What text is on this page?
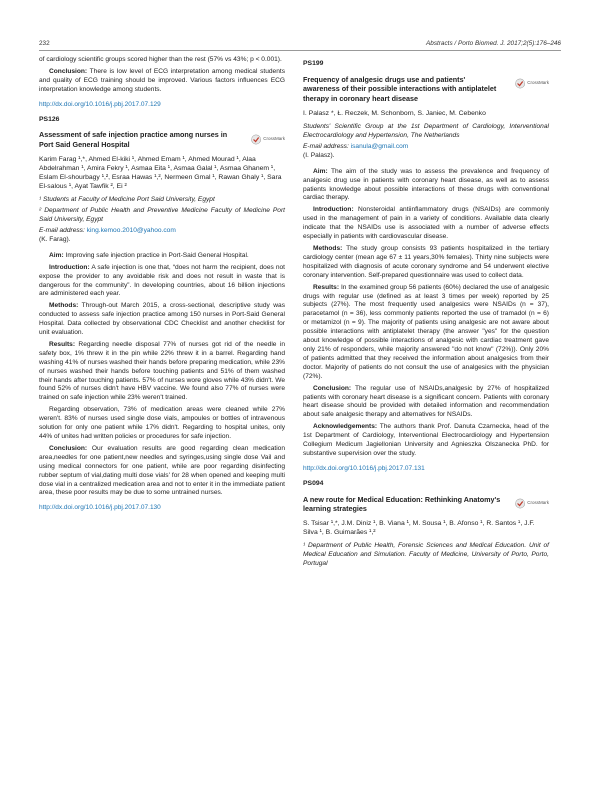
232	Abstracts / Porto Biomed. J. 2017;2(5):176–246

of cardiology scientific groups scored higher than the rest (57% vs 43%; p < 0.001).

Conclusion: There is low level of ECG interpretation among medical students and quality of ECG training should be improved. Various factors influences ECG interpretation knowledge among students.

http://dx.doi.org/10.1016/j.pbj.2017.07.129
PS126
Assessment of safe injection practice among nurses in Port Said General Hospital
CrossMark
Karim Farag ¹,*, Ahmed El-kiki ¹, Ahmed Emam ¹, Ahmed Mourad ¹, Alaa Abdelrahman ¹, Amira Fekry ¹, Asmaa Eita ¹, Asmaa Galal ¹, Asmaa Ghanem ¹, Eslam El-shourbagy ¹,², Esraa Hawas ¹,², Nermeen Gmal ¹, Rawan Ghaly ¹, Sara El-salous ¹, Ayat Tawfik ², Ei ²

¹ Students at Faculty of Medicine Port Said University, Egypt

² Department of Public Health and Preventive Medicine Faculty of Medicine Port Said University, Egypt

E-mail address: king.kemoo.2010@yahoo.com
(K. Farag).

Aim: Improving safe injection practice in Port-Said General Hospital.

Introduction: A safe injection is one that, “does not harm the recipient, does not expose the provider to any avoidable risk and does not result in waste that is dangerous for the community”. In developing countries, about 16 billion injections are administered each year.

Methods: Through-out March 2015, a cross-sectional, descriptive study was conducted to assess safe injection practice among 150 nurses in Port-Said General Hospital. Data collected by observational CDC Checklist and another checklist for unit evaluation.

Results: Regarding needle disposal 77% of nurses got rid of the needle in safety box, 1% threw it in the pin while 22% threw it in a barrel. Regarding hand washing 41% of nurses washed their hands before preparing medication, while 23% of nurses washed their hands before touching patients and 51% of them washed their hands after touching patients. 57% of nurses wore gloves while 43% didn't. We found 52% of nurses didn't have HBV vaccine. We found also 77% of nurses were trained on safe injection while 23% weren't trained.

Regarding observation, 73% of medication areas were cleaned while 27% weren't. 83% of nurses used single dose vials, ampoules or bottles of intravenous solution for only one patient while 17% didn't. Regarding to hospital unites, only 44% of unites had written policies or procedures for safe injection.

Conclusion: Our evaluation results are good regarding clean medication area,needles for one patient,new needles and syringes,using single dose Vail and using medical connectors for one patient, while are poor regarding disinfecting rubber septum of vial,dating multi dose vials' for 28 when opened and keeping multi dose vial in a centralized medication area and not to enter it in the immediate patient area, these poor results may be due to some untrained nurses.

http://dx.doi.org/10.1016/j.pbj.2017.07.130
PS199
Frequency of analgesic drugs use and patients' awareness of their possible interactions with antiplatelet therapy in coronary heart disease
CrossMark
I. Palasz *, Ł. Reczek, M. Schonborn, S. Janiec, M. Cebenko

Students' Scientific Group at the 1st Department of Cardiology, Interventional Electrocardiology and Hypertension, The Netherlands

E-mail address: isanula@gmail.com
(I. Palasz).

Aim: The aim of the study was to assess the prevalence and frequency of analgesic drug use in patients with coronary heart disease, as well as to assess patients knowledge about possible interactions of these drugs with conventional cardiac therapy.

Introduction: Nonsteroidal antiinflammatory drugs (NSAIDs) are commonly used in the management of pain in a variety of conditions. Available data clearly indicate that the NSAIDs use is associated with a number of adverse effects especially in patients with cardiovascular disease.

Methods: The study group consists 93 patients hospitalized in the tertiary cardiology center (mean age 67 ± 11 years,30% females). Thirty nine subjects were hospitalized with diagnosis of acute coronary syndrome and 54 underwent elective coronary intervention. Self-prepared questionnaire was used to collect data.

Results: In the examined group 56 patients (60%) declared the use of analgesic drugs with regular use (defined as at least 3 times per week) reported by 25 subjects (27%). The most frequently used analgesics were NSAIDs (n = 37), paracetamol (n = 36), less commonly patients reported the use of tramadol (n = 6) or metamizol (n = 9). The majority of patients using analgesic are not aware about possible interactions with antiplatelet therapy (the answer "yes" for the question about knowledge of possible interactions of analgesic with cardiac treatment gave only 21% of responders, while majority answered "do not know" (72%)). Only 20% of patients admitted that they received the information about analgesics from their doctor. Majority of patients do not consult the use of analgesics with the physician (72%).

Conclusion: The regular use of NSAIDs,analgesic by 27% of hospitalized patients with coronary heart disease is a significant concern. Patients with coronary heart disease should be provided with detailed information and recommendation about safe analgesic therapy and alternatives for NSAIDs.

Acknowledgements: The authors thank Prof. Danuta Czarnecka, head of the 1st Department of Cardiology, Interventional Electrocardiology and Hypertension Collegium Medicum Jagiellonian University and Agnieszka Olszanecka PhD. for substantive supervision over the study.

http://dx.doi.org/10.1016/j.pbj.2017.07.131
PS094
A new route for Medical Education: Rethinking Anatomy's learning strategies
CrossMark
S. Tsisar ¹,*, J.M. Diniz ¹, B. Viana ¹, M. Sousa ¹, B. Afonso ¹, R. Santos ¹, J.F. Silva ¹, B. Guimarães ¹,²

¹ Department of Public Health, Forensic Sciences and Medical Education. Unit of Medical Education and Simulation. Faculty of Medicine, University of Porto, Porto, Portugal
